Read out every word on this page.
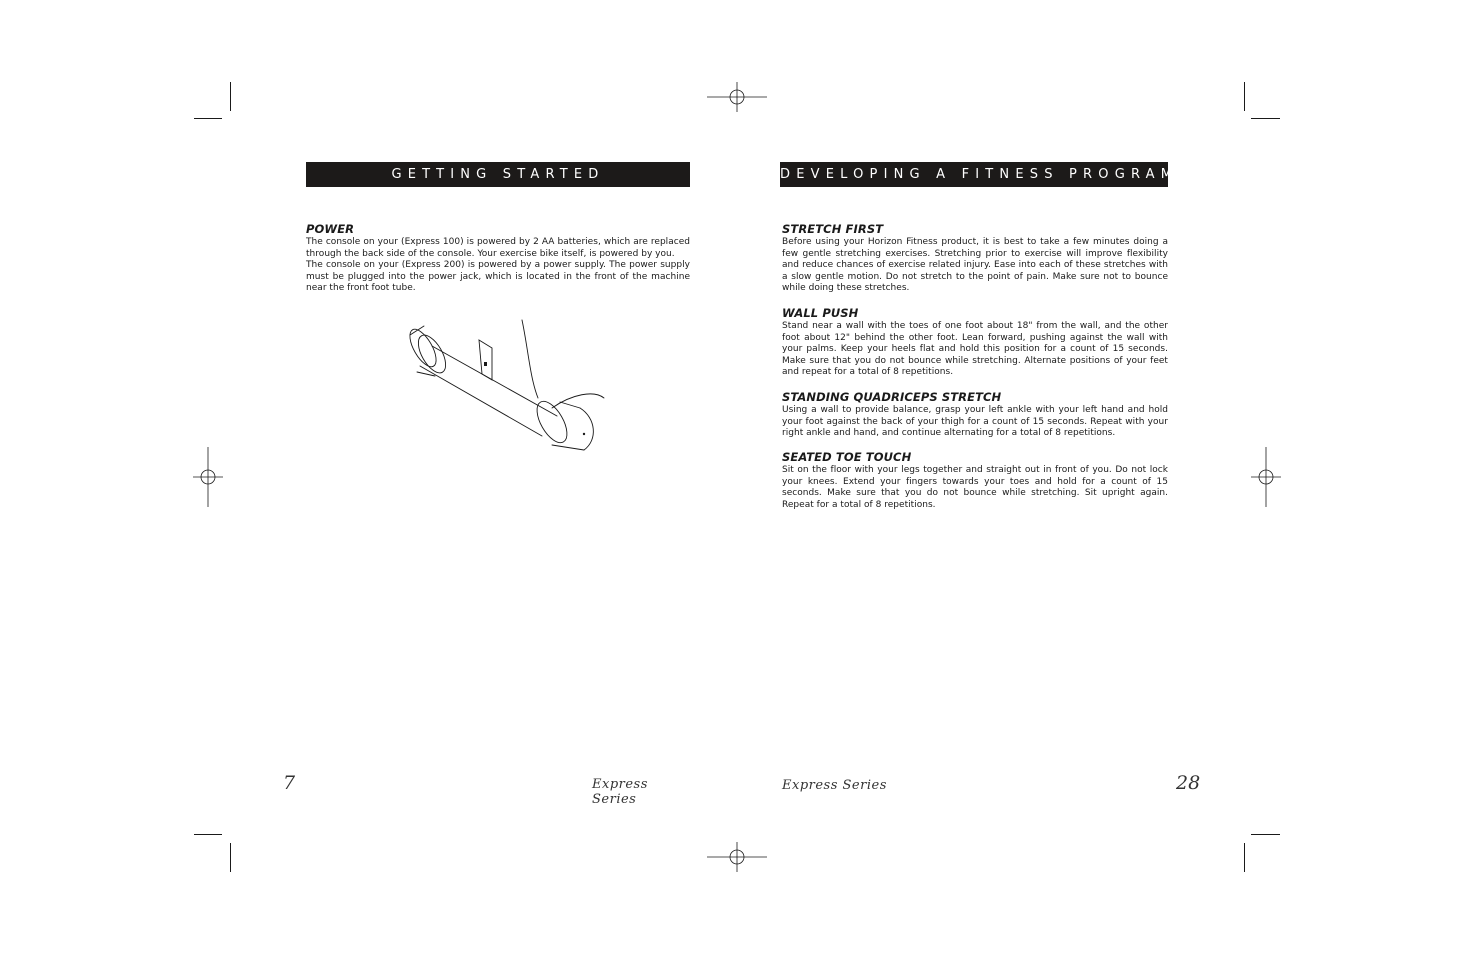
GETTING STARTED
POWER

The console on your (Express 100) is powered by 2 AA batteries, which are replaced through the back side of the console. Your exercise bike itself, is powered by you.

The console on your (Express 200) is powered by a power supply. The power supply must be plugged into the power jack, which is located in the front of the machine near the front foot tube.

7	Express Series
DEVELOPING A FITNESS PROGRAM
STRETCH FIRST

Before using your Horizon Fitness product, it is best to take a few minutes doing a few gentle stretching exercises. Stretching prior to exercise will improve flexibility and reduce chances of exercise related injury. Ease into each of these stretches with a slow gentle motion. Do not stretch to the point of pain. Make sure not to bounce while doing these stretches.

WALL PUSH

Stand near a wall with the toes of one foot about 18" from the wall, and the other foot about 12" behind the other foot. Lean forward, pushing against the wall with your palms. Keep your heels flat and hold this position for a count of 15 seconds. Make sure that you do not bounce while stretching. Alternate positions of your feet and repeat for a total of 8 repetitions.

STANDING QUADRICEPS STRETCH

Using a wall to provide balance, grasp your left ankle with your left hand and hold your foot against the back of your thigh for a count of 15 seconds. Repeat with your right ankle and hand, and continue alternating for a total of 8 repetitions.

SEATED TOE TOUCH

Sit on the floor with your legs together and straight out in front of you. Do not lock your knees. Extend your fingers towards your toes and hold for a count of 15 seconds. Make sure that you do not bounce while stretching. Sit upright again. Repeat for a total of 8 repetitions.

Express Series	28
